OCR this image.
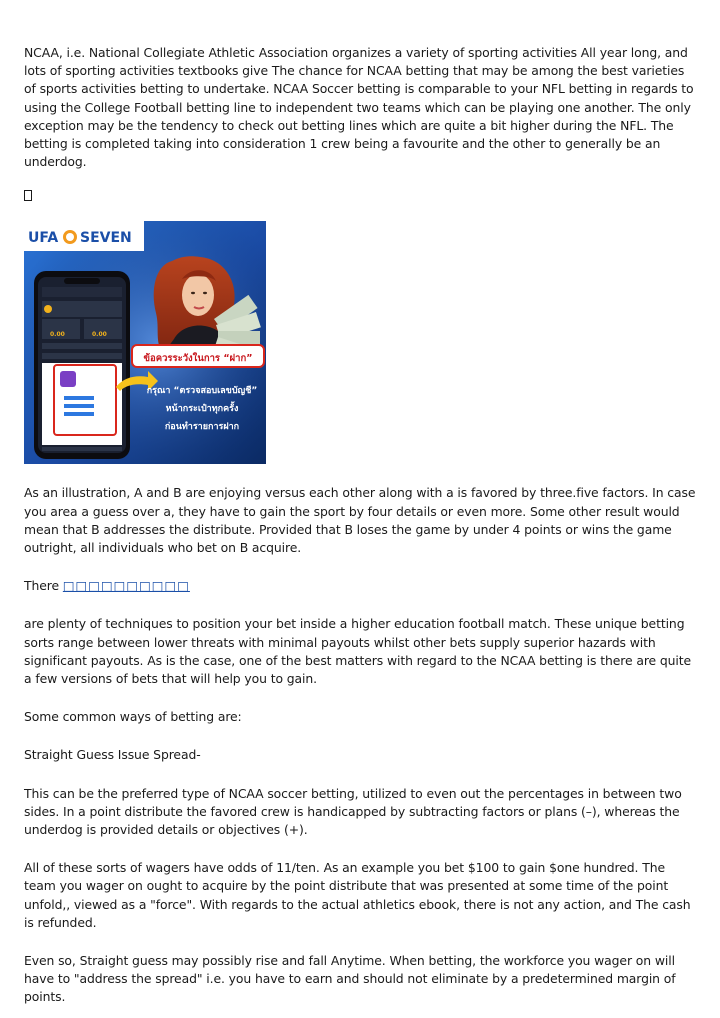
NCAA, i.e. National Collegiate Athletic Association organizes a variety of sporting activities All year long, and lots of sporting activities textbooks give The chance for NCAA betting that may be among the best varieties of sports activities betting to undertake. NCAA Soccer betting is comparable to your NFL betting in regards to using the College Football betting line to independent two teams which can be playing one another. The only exception may be the tendency to check out betting lines which are quite a bit higher during the NFL. The betting is completed taking into consideration 1 crew being a favourite and the other to generally be an underdog.

UFA SEVEN
0.00	0.00
ข้อควรระวังในการ “ฝาก”
กรุณา “ตรวจสอบเลขบัญชี”
หน้ากระเป๋าทุกครั้ง
ก่อนทำรายการฝาก

As an illustration, A and B are enjoying versus each other along with a is favored by three.five factors. In case you area a guess over a, they have to gain the sport by four details or even more. Some other result would mean that B addresses the distribute. Provided that B loses the game by under 4 points or wins the game outright, all individuals who bet on B acquire.

There □□□□□□□□□□

are plenty of techniques to position your bet inside a higher education football match. These unique betting sorts range between lower threats with minimal payouts whilst other bets supply superior hazards with significant payouts. As is the case, one of the best matters with regard to the NCAA betting is there are quite a few versions of bets that will help you to gain.

Some common ways of betting are:

Straight Guess Issue Spread-

This can be the preferred type of NCAA soccer betting, utilized to even out the percentages in between two sides. In a point distribute the favored crew is handicapped by subtracting factors or plans (–), whereas the underdog is provided details or objectives (+).

All of these sorts of wagers have odds of 11/ten. As an example you bet $100 to gain $one hundred. The team you wager on ought to acquire by the point distribute that was presented at some time of the point unfold,, viewed as a "force". With regards to the actual athletics ebook, there is not any action, and The cash is refunded.

Even so, Straight guess may possibly rise and fall Anytime. When betting, the workforce you wager on will have to "address the spread" i.e. you have to earn and should not eliminate by a predetermined margin of points.
